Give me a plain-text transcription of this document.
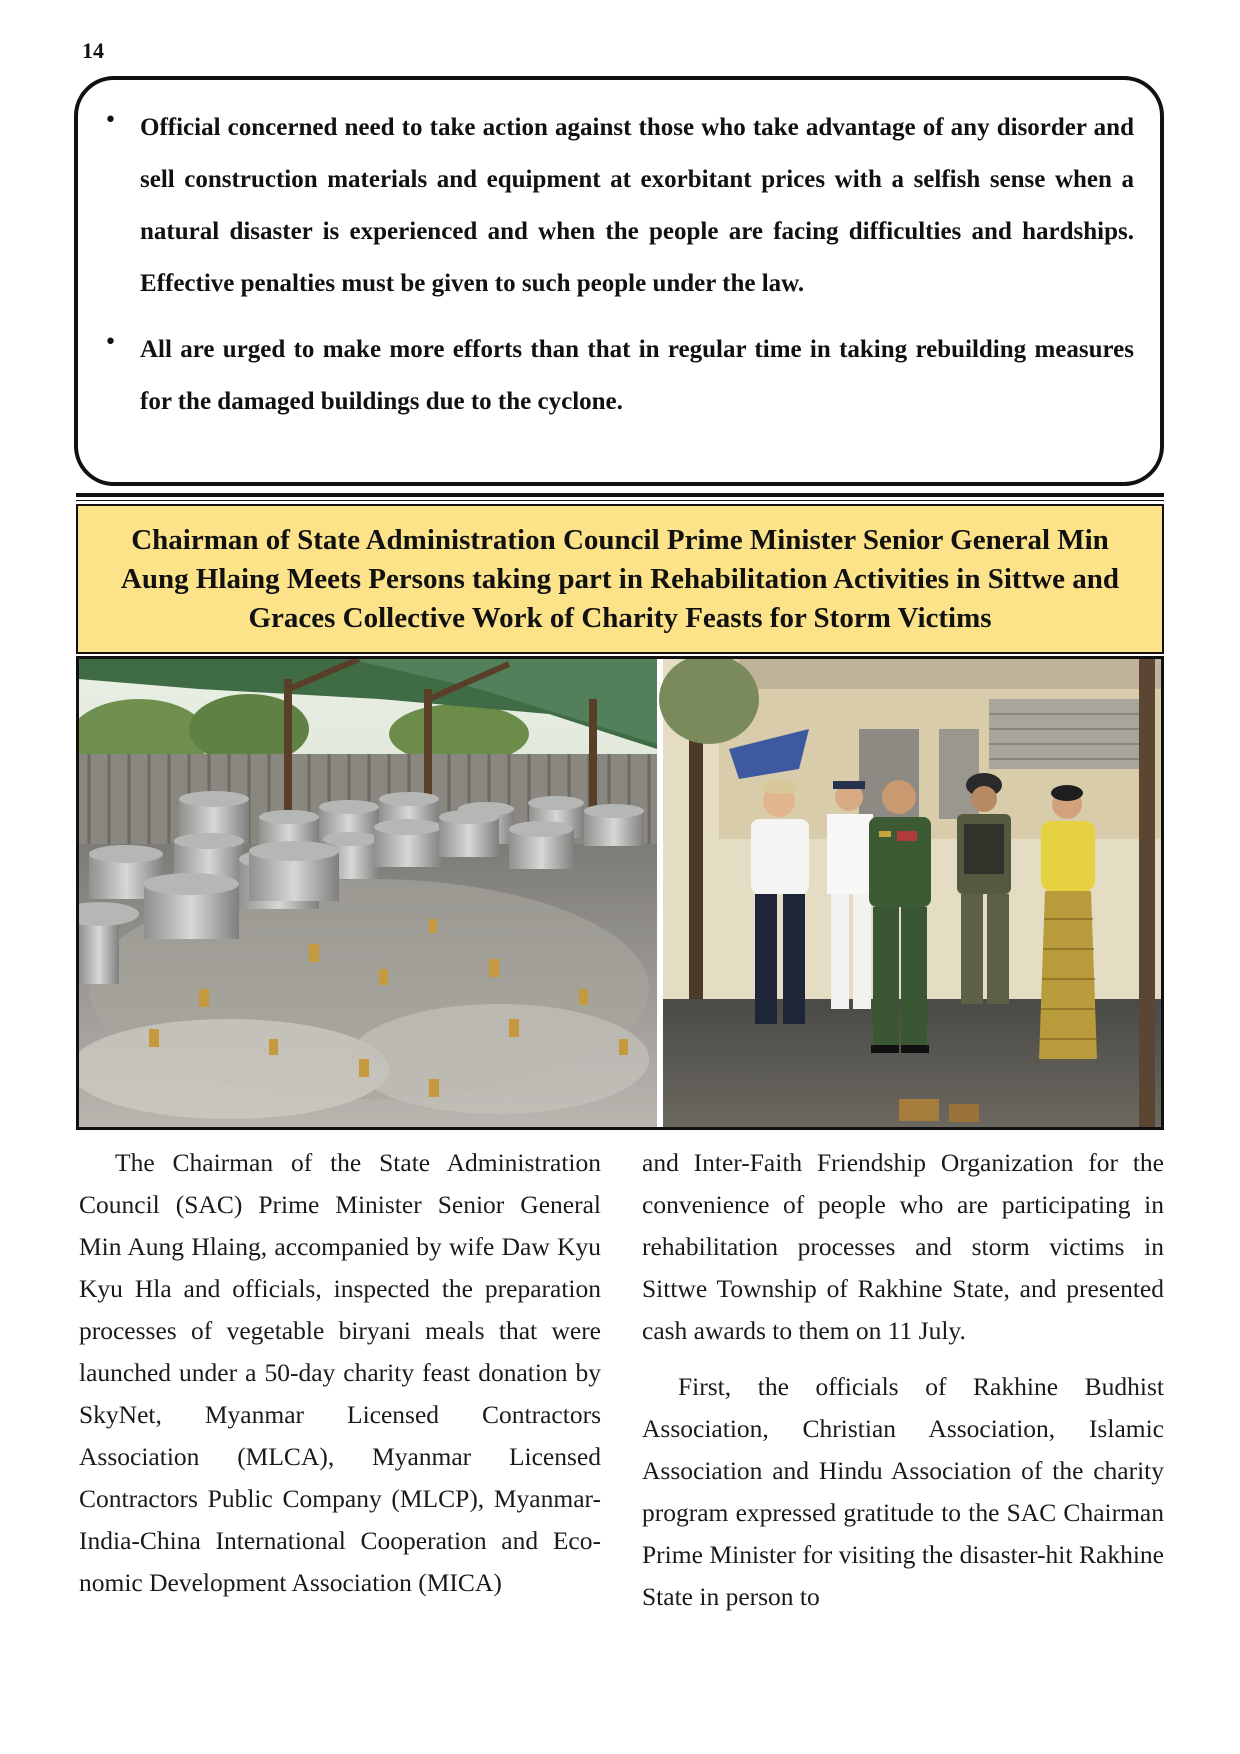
14
• Official concerned need to take action against those who take advantage of any disorder and sell construction materials and equipment at exorbitant prices with a selfish sense when a natural disaster is experienced and when the people are facing difficulties and hardships. Effective penalties must be given to such people under the law.
• All are urged to make more efforts than that in regular time in taking rebuilding measures for the damaged buildings due to the cyclone.
Chairman of State Administration Council Prime Minister Senior General Min Aung Hlaing Meets Persons taking part in Rehabilitation Activities in Sittwe and Graces Collective Work of Charity Feasts for Storm Victims

The Chairman of the State Administration Council (SAC) Prime Minister Senior General Min Aung Hlaing, accompanied by wife Daw Kyu Kyu Hla and officials, inspected the preparation processes of vegetable biryani meals that were launched under a 50-day charity feast donation by SkyNet, Myanmar Licensed Contractors Association (MLCA), Myanmar Licensed Contractors Public Company (MLCP), Myanmar-India-China International Cooperation and Economic Development Association (MICA)

and Inter-Faith Friendship Organization for the convenience of people who are participating in rehabilitation processes and storm victims in Sittwe Township of Rakhine State, and presented cash awards to them on 11 July.

First, the officials of Rakhine Budhist Association, Christian Association, Islamic Association and Hindu Association of the charity program expressed gratitude to the SAC Chairman Prime Minister for visiting the disaster-hit Rakhine State in person to
